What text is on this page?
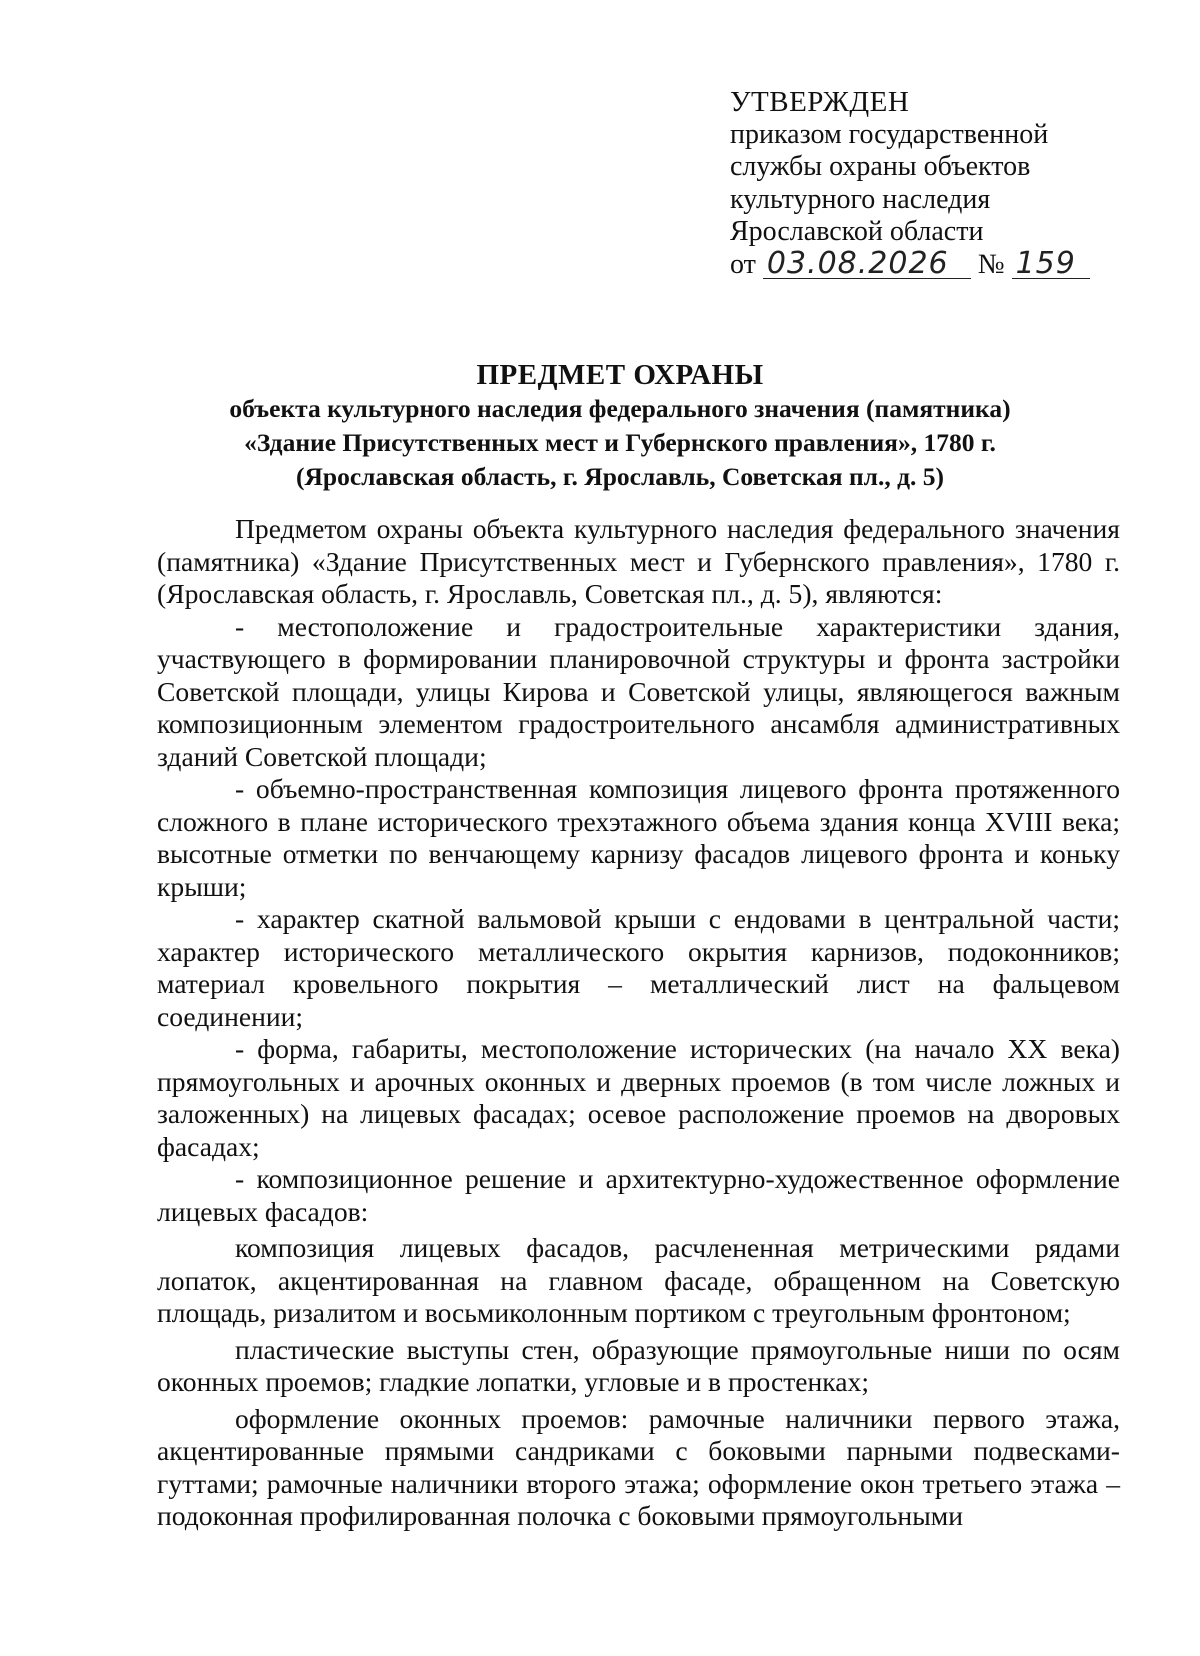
УТВЕРЖДЕН
приказом государственной
службы охраны объектов
культурного наследия
Ярославской области
от 03.08.2026 № 159
ПРЕДМЕТ ОХРАНЫ
объекта культурного наследия федерального значения (памятника)
«Здание Присутственных мест и Губернского правления», 1780 г.
(Ярославская область, г. Ярославль, Советская пл., д. 5)

Предметом охраны объекта культурного наследия федерального значения (памятника) «Здание Присутственных мест и Губернского правления», 1780 г. (Ярославская область, г. Ярославль, Советская пл., д. 5), являются:

- местоположение и градостроительные характеристики здания, участвующего в формировании планировочной структуры и фронта застройки Советской площади, улицы Кирова и Советской улицы, являющегося важным композиционным элементом градостроительного ансамбля административных зданий Советской площади;

- объемно-пространственная композиция лицевого фронта протяженного сложного в плане исторического трехэтажного объема здания конца XVIII века; высотные отметки по венчающему карнизу фасадов лицевого фронта и коньку крыши;

- характер скатной вальмовой крыши с ендовами в центральной части; характер исторического металлического окрытия карнизов, подоконников; материал кровельного покрытия – металлический лист на фальцевом соединении;

- форма, габариты, местоположение исторических (на начало XX века) прямоугольных и арочных оконных и дверных проемов (в том числе ложных и заложенных) на лицевых фасадах; осевое расположение проемов на дворовых фасадах;

- композиционное решение и архитектурно-художественное оформление лицевых фасадов:

композиция лицевых фасадов, расчлененная метрическими рядами лопаток, акцентированная на главном фасаде, обращенном на Советскую площадь, ризалитом и восьмиколонным портиком с треугольным фронтоном;

пластические выступы стен, образующие прямоугольные ниши по осям оконных проемов; гладкие лопатки, угловые и в простенках;

оформление оконных проемов: рамочные наличники первого этажа, акцентированные прямыми сандриками с боковыми парными подвесками-гуттами; рамочные наличники второго этажа; оформление окон третьего этажа – подоконная профилированная полочка с боковыми прямоугольными
